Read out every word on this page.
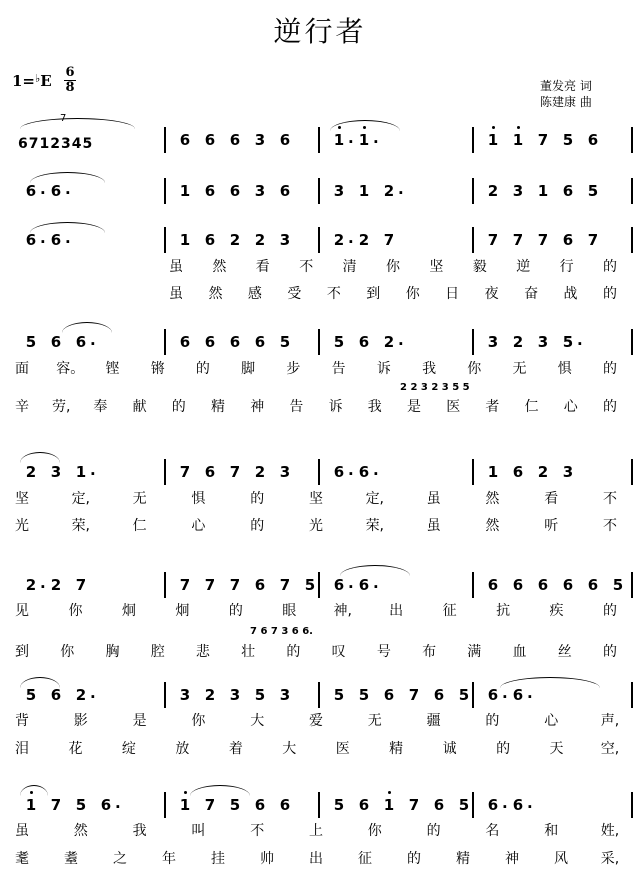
逆行者
1=♭E 6
8	董发亮 词
陈建康 曲
7
6712345	6 6 6 3 6	1 · 1 ·	1 1 7 5 6
6 · 6 ·	1 6 6 3 6	3 1 2 ·	2 3 1 6 5
6 · 6 ·	1 6 2 2 3	2 · 2 7	7 7 7 6 7
5 6 6 ·	6 6 6 6 5	5 6 2 ·	3 2 3 5 ·
2 3 1 ·	7 6 7 2 3	6 · 6 ·	1 6 2 3
2 · 2 7	7 7 7 6 7 5 6 · 6 ·	6 6 6 6 6 5
5 6 2 ·	3 2 3 5 3	5 5 6 7 6 5 6 · 6 ·
1 7 5 6 ·	1 7 5 6 6	5 6 1 7 6 5 6 · 6 ·
虽 然 看 不 清 你 坚 毅 逆 行 的
虽 然 感 受 不 到 你 日 夜 奋 战 的
面 容。 铿 锵 的 脚 步 告 诉 我 你 无 惧 的
辛 劳, 奉 献 的 精 神 告 诉 我 是 医 者 仁 心 的
坚	定,	无	惧	的	坚	定,	虽	然	看	不
光	荣,	仁	心	的	光	荣,	虽	然	听	不
见	你	炯	炯	的	眼	神,	出	征	抗	疾	的
到 你 胸 腔 悲 壮 的 叹 号 布 满 血 丝 的
背	影	是	你	大	爱	无	疆	的	心	声,
泪	花	绽	放	着	大	医	精	诚	的	天	空,
虽	然	我	叫	不	上	你	的	名	和	姓,
耄	耋	之	年	挂	帅	出	征	的	精	神	风 采,
2 2 3 2 3 5 5
7 6 7 3 6 6.
